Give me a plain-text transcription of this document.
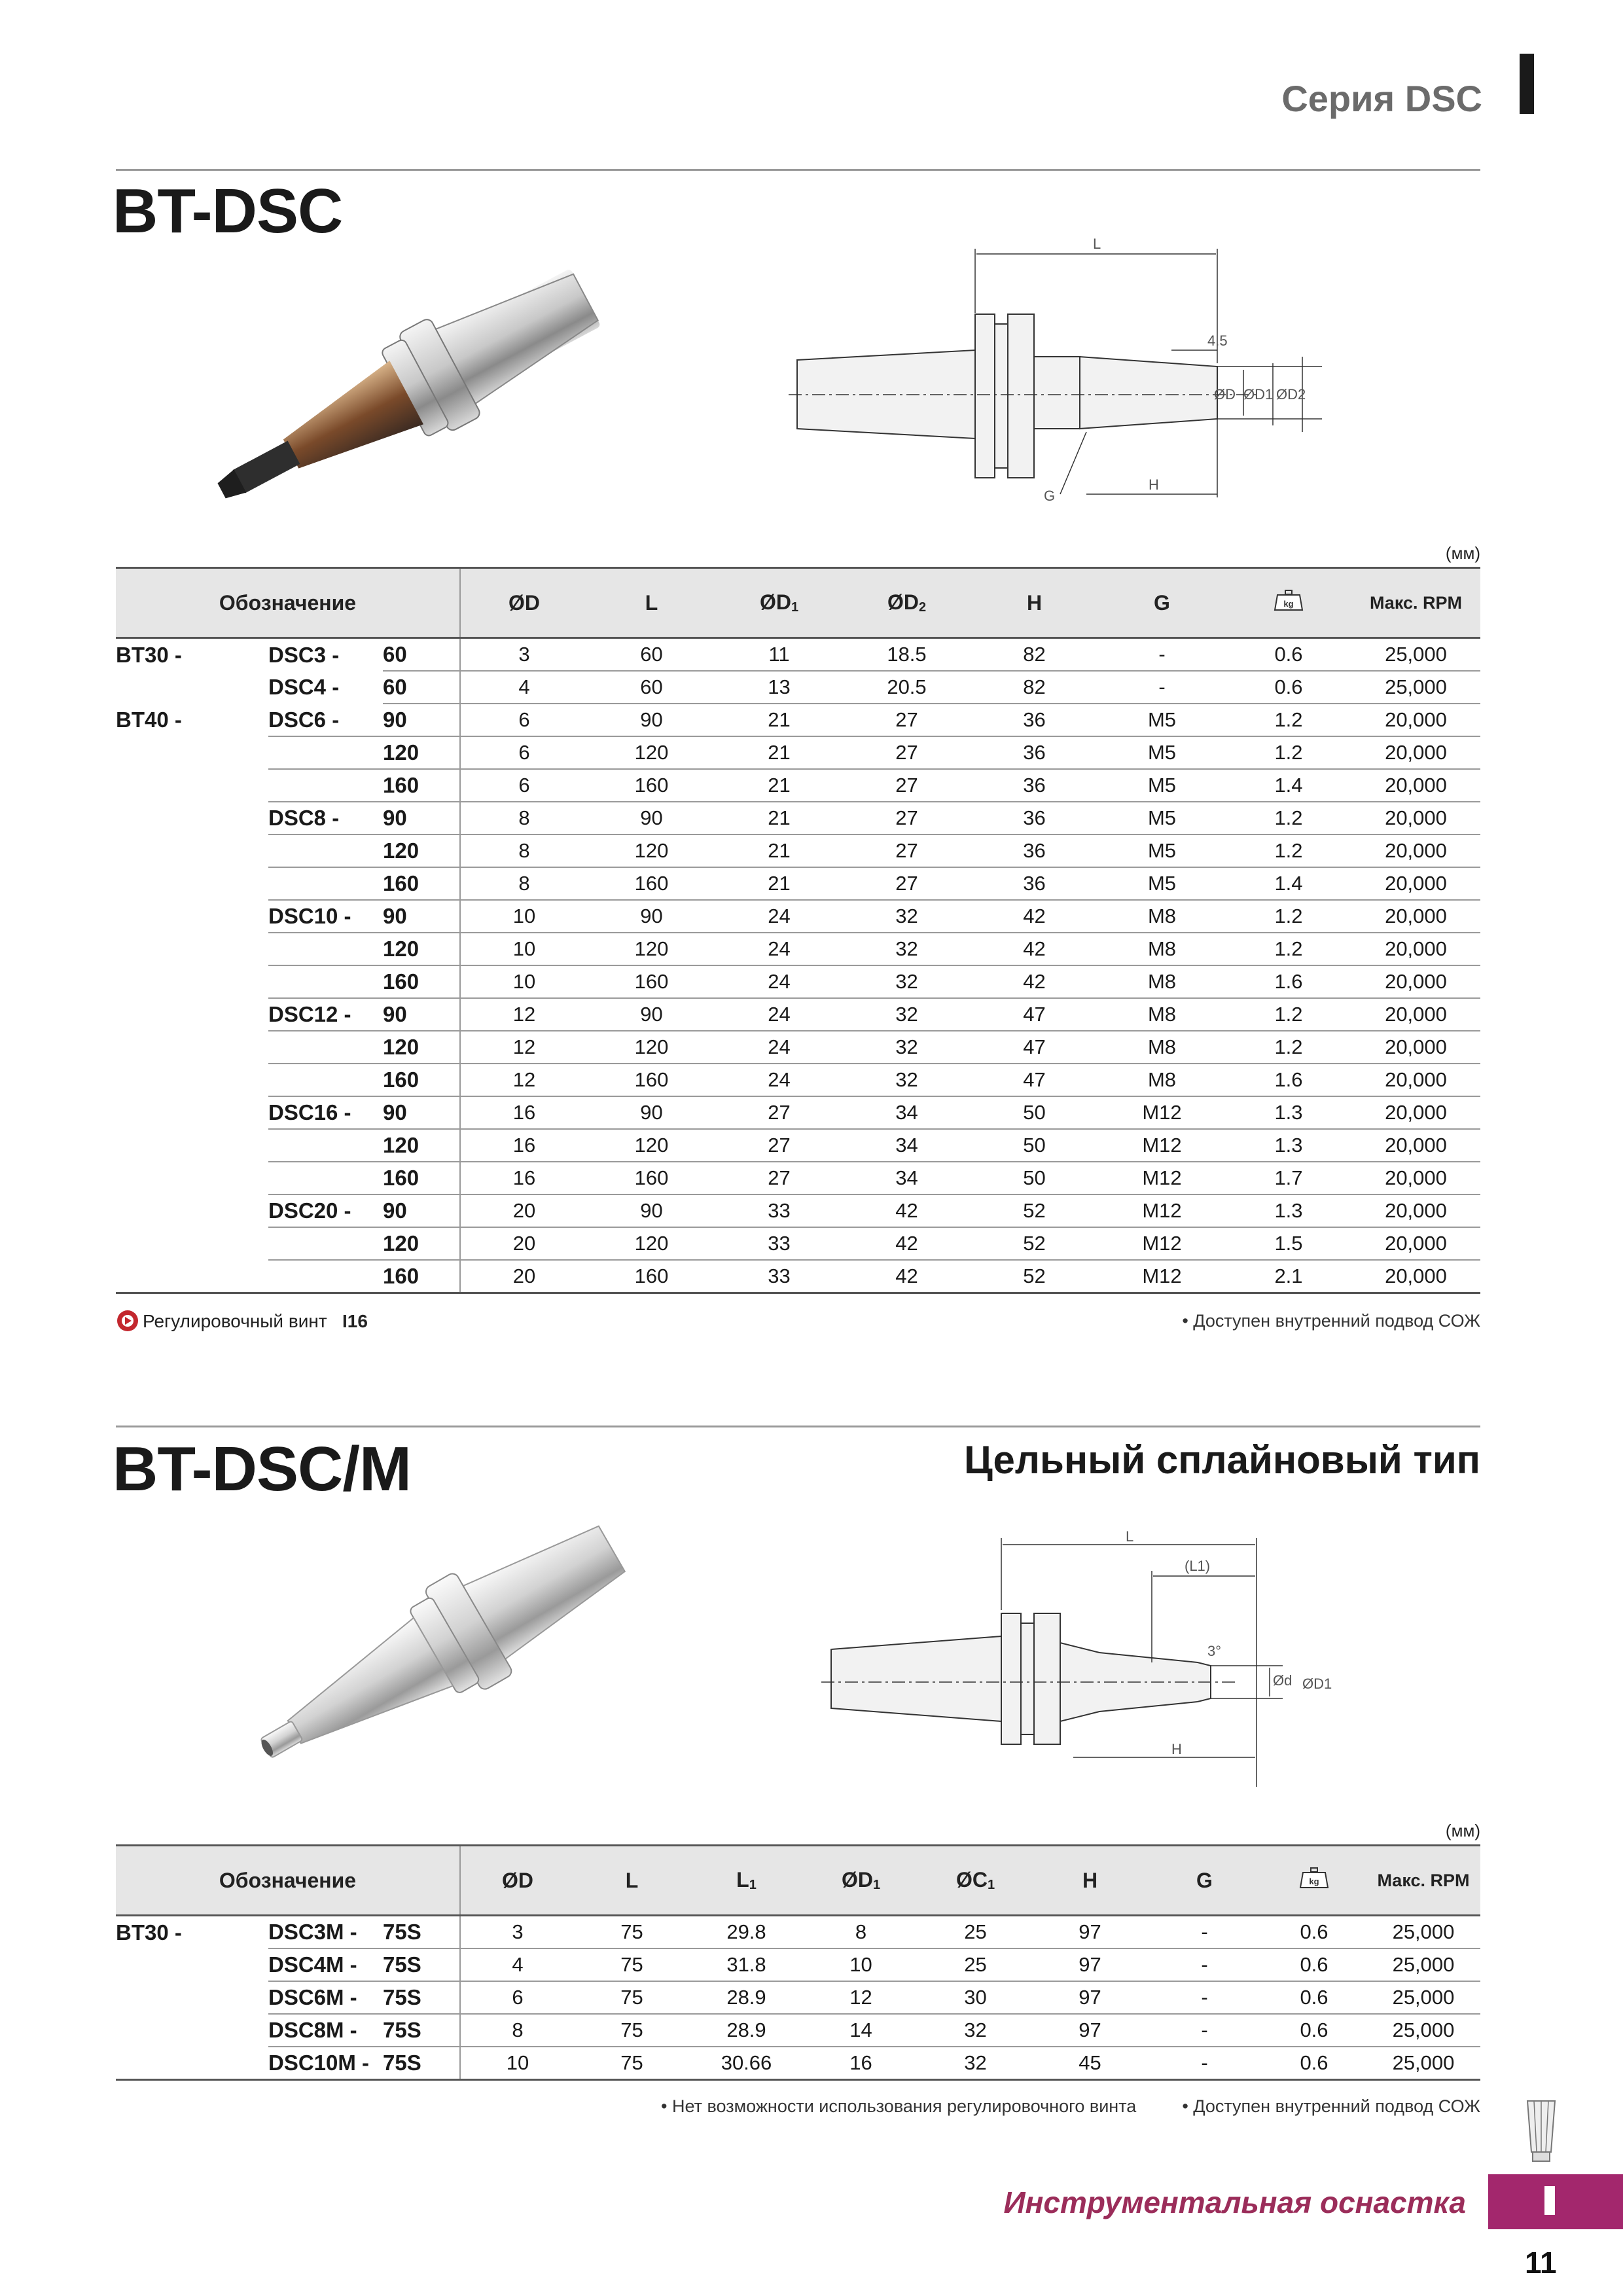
Серия DSC
BT-DSC	L
4.5
ØD ØD1 ØD2
G
H
(мм)
Обозначение			ØD	L	ØD1	ØD2	H	G	kg	Макс. RPM
BT30 -	DSC3 -	60	3	60	11	18.5	82	-	0.6	25,000
	DSC4 -	60	4	60	13	20.5	82	-	0.6	25,000
BT40 -	DSC6 -	90	6	90	21	27	36	M5	1.2	20,000
		120	6	120	21	27	36	M5	1.2	20,000
		160	6	160	21	27	36	M5	1.4	20,000
	DSC8 -	90	8	90	21	27	36	M5	1.2	20,000
		120	8	120	21	27	36	M5	1.2	20,000
		160	8	160	21	27	36	M5	1.4	20,000
	DSC10 -	90	10	90	24	32	42	M8	1.2	20,000
		120	10	120	24	32	42	M8	1.2	20,000
		160	10	160	24	32	42	M8	1.6	20,000
	DSC12 -	90	12	90	24	32	47	M8	1.2	20,000
		120	12	120	24	32	47	M8	1.2	20,000
		160	12	160	24	32	47	M8	1.6	20,000
	DSC16 -	90	16	90	27	34	50	M12	1.3	20,000
		120	16	120	27	34	50	M12	1.3	20,000
		160	16	160	27	34	50	M12	1.7	20,000
	DSC20 -	90	20	90	33	42	52	M12	1.3	20,000
		120	20	120	33	42	52	M12	1.5	20,000
		160	20	160	33	42	52	M12	2.1	20,000
Регулировочный винт I16	• Доступен внутренний подвод СОЖ
BT-DSC/M	Цельный сплайновый тип
L
(L1)
3°
Ød ØD1
H
(мм)
Обозначение			ØD	L	L1	ØD1	ØC1	H	G	kg	Макс. RPM
BT30 -	DSC3M -	75S	3	75	29.8	8	25	97	-	0.6	25,000
	DSC4M -	75S	4	75	31.8	10	25	97	-	0.6	25,000
	DSC6M -	75S	6	75	28.9	12	30	97	-	0.6	25,000
	DSC8M -	75S	8	75	28.9	14	32	97	-	0.6	25,000
	DSC10M -	75S	10	75	30.66	16	32	45	-	0.6	25,000
• Нет возможности использования регулировочного винта	• Доступен внутренний подвод СОЖ
Инструментальная оснастка
11
